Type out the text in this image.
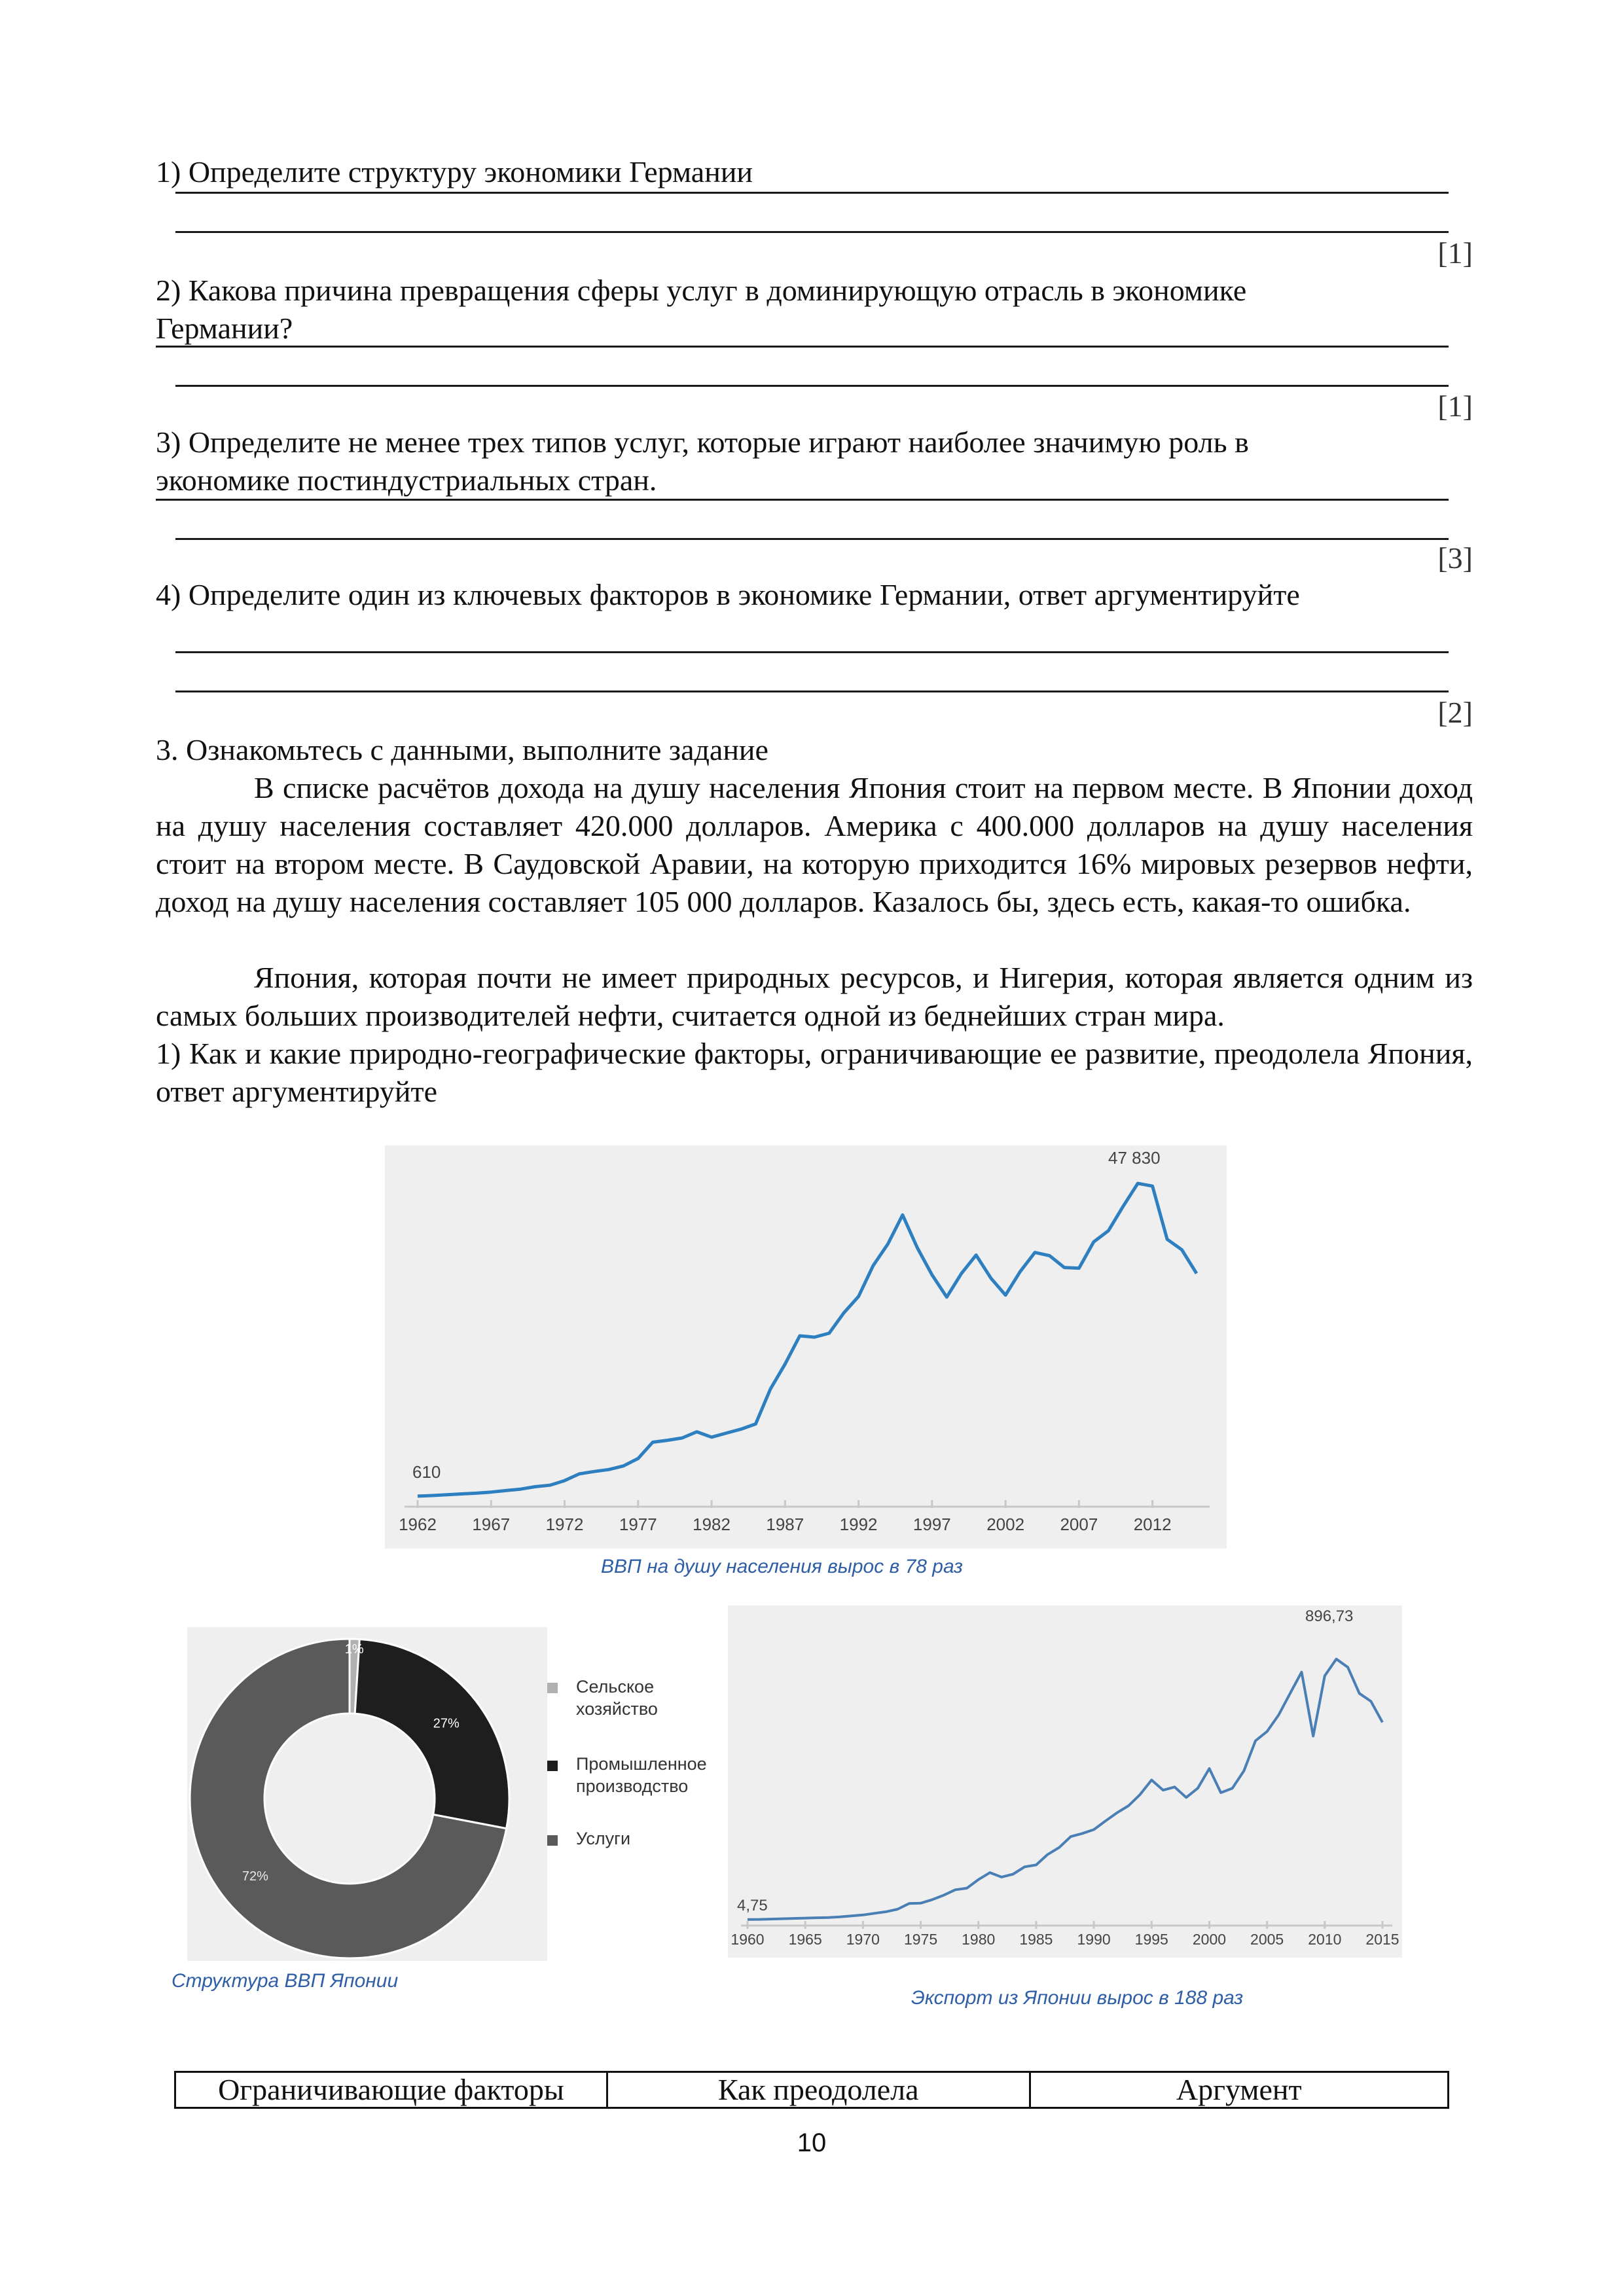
1) Определите структуру экономики Германии
[1]
2) Какова причина превращения сферы услуг в доминирующую отрасль в экономике
Германии?
[1]
3) Определите не менее трех типов услуг, которые играют наиболее значимую роль в
экономике постиндустриальных стран.
[3]
4) Определите один из ключевых факторов в экономике Германии, ответ аргументируйте
[2]
3. Ознакомьтесь с данными, выполните задание
В списке расчётов дохода на душу населения Япония стоит на первом месте. В Японии доход на душу населения составляет 420.000 долларов. Америка с 400.000 долларов на душу населения стоит на втором месте. В Саудовской Аравии, на которую приходится 16% мировых резервов нефти, доход на душу населения составляет 105 000 долларов. Казалось бы, здесь есть, какая-то ошибка.
Япония, которая почти не имеет природных ресурсов, и Нигерия, которая является одним из самых больших производителей нефти, считается одной из беднейших стран мира.
1) Как и какие природно-географические факторы, ограничивающие ее развитие, преодолела Япония, ответ аргументируйте
1962 1967 1972 1977 1982 1987 1992 1997 2002 2007 2012
610
47 830
ВВП на душу населения вырос в 78 раз
1%
27%
72%
Сельское
хозяйство
Промышленное
производство
Услуги
Структура ВВП Японии
1960 1965 1970 1975 1980 1985 1990 1995 2000 2005 2010 2015
4,75
896,73
Экспорт из Японии вырос в 188 раз
Ограничивающие факторы	Как преодолела	Аргумент
10
